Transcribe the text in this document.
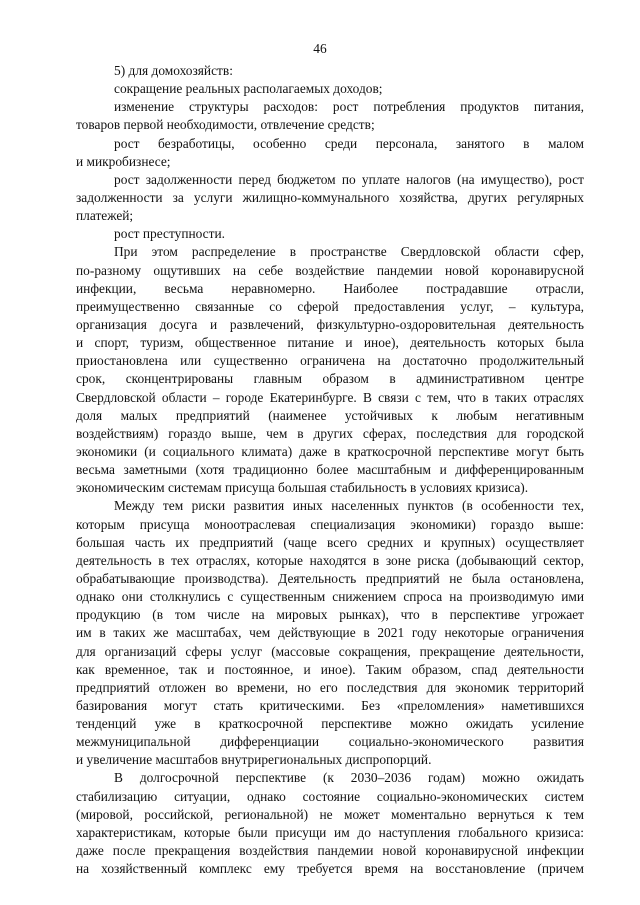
46
5) для домохозяйств:
сокращение реальных располагаемых доходов;
изменение структуры расходов: рост потребления продуктов питания,
товаров первой необходимости, отвлечение средств;
рост безработицы, особенно среди персонала, занятого в малом
и микробизнесе;
рост задолженности перед бюджетом по уплате налогов (на имущество), рост
задолженности за услуги жилищно-коммунального хозяйства, других регулярных
платежей;
рост преступности.
При этом распределение в пространстве Свердловской области сфер,
по-разному ощутивших на себе воздействие пандемии новой коронавирусной
инфекции, весьма неравномерно. Наиболее пострадавшие отрасли,
преимущественно связанные со сферой предоставления услуг, – культура,
организация досуга и развлечений, физкультурно-оздоровительная деятельность
и спорт, туризм, общественное питание и иное), деятельность которых была
приостановлена или существенно ограничена на достаточно продолжительный
срок, сконцентрированы главным образом в административном центре
Свердловской области – городе Екатеринбурге. В связи с тем, что в таких отраслях
доля малых предприятий (наименее устойчивых к любым негативным
воздействиям) гораздо выше, чем в других сферах, последствия для городской
экономики (и социального климата) даже в краткосрочной перспективе могут быть
весьма заметными (хотя традиционно более масштабным и дифференцированным
экономическим системам присуща большая стабильность в условиях кризиса).
Между тем риски развития иных населенных пунктов (в особенности тех,
которым присуща моноотраслевая специализация экономики) гораздо выше:
большая часть их предприятий (чаще всего средних и крупных) осуществляет
деятельность в тех отраслях, которые находятся в зоне риска (добывающий сектор,
обрабатывающие производства). Деятельность предприятий не была остановлена,
однако они столкнулись с существенным снижением спроса на производимую ими
продукцию (в том числе на мировых рынках), что в перспективе угрожает
им в таких же масштабах, чем действующие в 2021 году некоторые ограничения
для организаций сферы услуг (массовые сокращения, прекращение деятельности,
как временное, так и постоянное, и иное). Таким образом, спад деятельности
предприятий отложен во времени, но его последствия для экономик территорий
базирования могут стать критическими. Без «преломления» наметившихся
тенденций уже в краткосрочной перспективе можно ожидать усиление
межмуниципальной дифференциации социально-экономического развития
и увеличение масштабов внутрирегиональных диспропорций.
В долгосрочной перспективе (к 2030–2036 годам) можно ожидать
стабилизацию ситуации, однако состояние социально-экономических систем
(мировой, российской, региональной) не может моментально вернуться к тем
характеристикам, которые были присущи им до наступления глобального кризиса:
даже после прекращения воздействия пандемии новой коронавирусной инфекции
на хозяйственный комплекс ему требуется время на восстановление (причем
